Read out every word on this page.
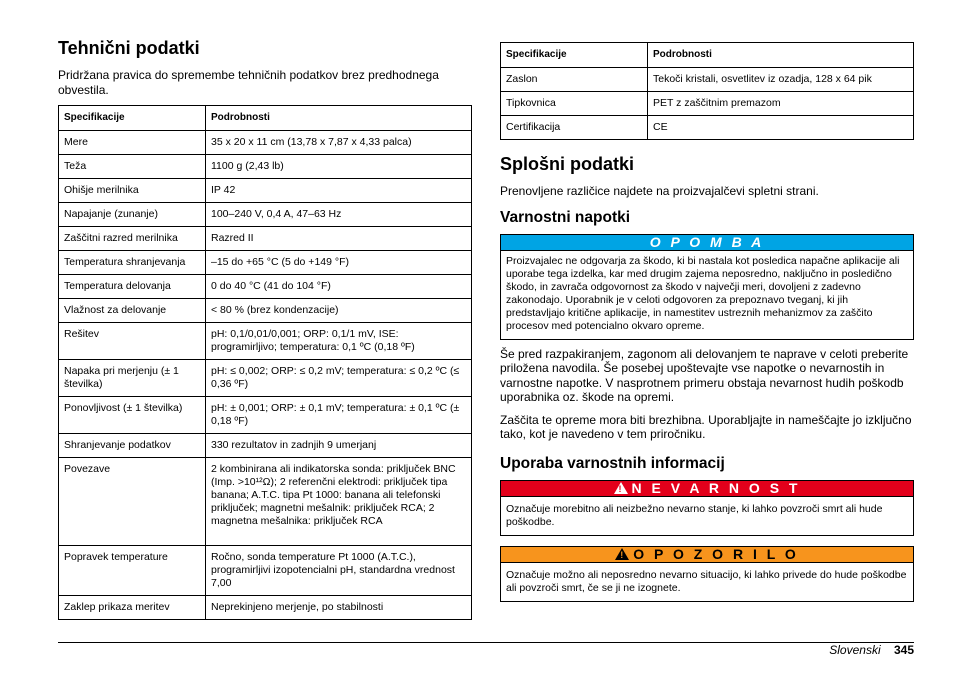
Tehnični podatki

Pridržana pravica do spremembe tehničnih podatkov brez predhodnega obvestila.

Specifikacije	Podrobnosti
Mere	35 x 20 x 11 cm (13,78 x 7,87 x 4,33 palca)
Teža	1100 g (2,43 lb)
Ohišje merilnika	IP 42
Napajanje (zunanje)	100–240 V, 0,4 A, 47–63 Hz
Zaščitni razred merilnika	Razred II
Temperatura shranjevanja	–15 do +65 °C (5 do +149 °F)
Temperatura delovanja	0 do 40 °C (41 do 104 °F)
Vlažnost za delovanje	< 80 % (brez kondenzacije)
Rešitev	pH: 0,1/0,01/0,001; ORP: 0,1/1 mV, ISE: programirljivo; temperatura: 0,1 ºC (0,18 ºF)
Napaka pri merjenju (± 1 številka)	pH: ≤ 0,002; ORP: ≤ 0,2 mV; temperatura: ≤ 0,2 ºC (≤ 0,36 ºF)
Ponovljivost (± 1 številka)	pH: ± 0,001; ORP: ± 0,1 mV; temperatura: ± 0,1 ºC (± 0,18 ºF)
Shranjevanje podatkov	330 rezultatov in zadnjih 9 umerjanj
Povezave	2 kombinirana ali indikatorska sonda: priključek BNC (Imp. >10¹²Ω); 2 referenčni elektrodi: priključek tipa banana; A.T.C. tipa Pt 1000: banana ali telefonski priključek; magnetni mešalnik: priključek RCA; 2 magnetna mešalnika: priključek RCA
Popravek temperature	Ročno, sonda temperature Pt 1000 (A.T.C.), programirljivi izopotencialni pH, standardna vrednost 7,00
Zaklep prikaza meritev	Neprekinjeno merjenje, po stabilnosti
Specifikacije	Podrobnosti
Zaslon	Tekoči kristali, osvetlitev iz ozadja, 128 x 64 pik
Tipkovnica	PET z zaščitnim premazom
Certifikacija	CE
Splošni podatki

Prenovljene različice najdete na proizvajalčevi spletni strani.

Varnostni napotki
O P O M B A
Proizvajalec ne odgovarja za škodo, ki bi nastala kot posledica napačne aplikacije ali uporabe tega izdelka, kar med drugim zajema neposredno, naključno in posledično škodo, in zavrača odgovornost za škodo v največji meri, dovoljeni z zadevno zakonodajo. Uporabnik je v celoti odgovoren za prepoznavo tveganj, ki jih predstavljajo kritične aplikacije, in namestitev ustreznih mehanizmov za zaščito procesov med potencialno okvaro opreme.

Še pred razpakiranjem, zagonom ali delovanjem te naprave v celoti preberite priložena navodila. Še posebej upoštevajte vse napotke o nevarnostih in varnostne napotke. V nasprotnem primeru obstaja nevarnost hudih poškodb uporabnika oz. škode na opremi.

Zaščita te opreme mora biti brezhibna. Uporabljajte in nameščajte jo izključno tako, kot je navedeno v tem priročniku.

Uporaba varnostnih informacij
! N E V A R N O S T
Označuje morebitno ali neizbežno nevarno stanje, ki lahko povzroči smrt ali hude poškodbe.
! O P O Z O R I L O
Označuje možno ali neposredno nevarno situacijo, ki lahko privede do hude poškodbe ali povzroči smrt, če se ji ne izognete.
Slovenski 345
